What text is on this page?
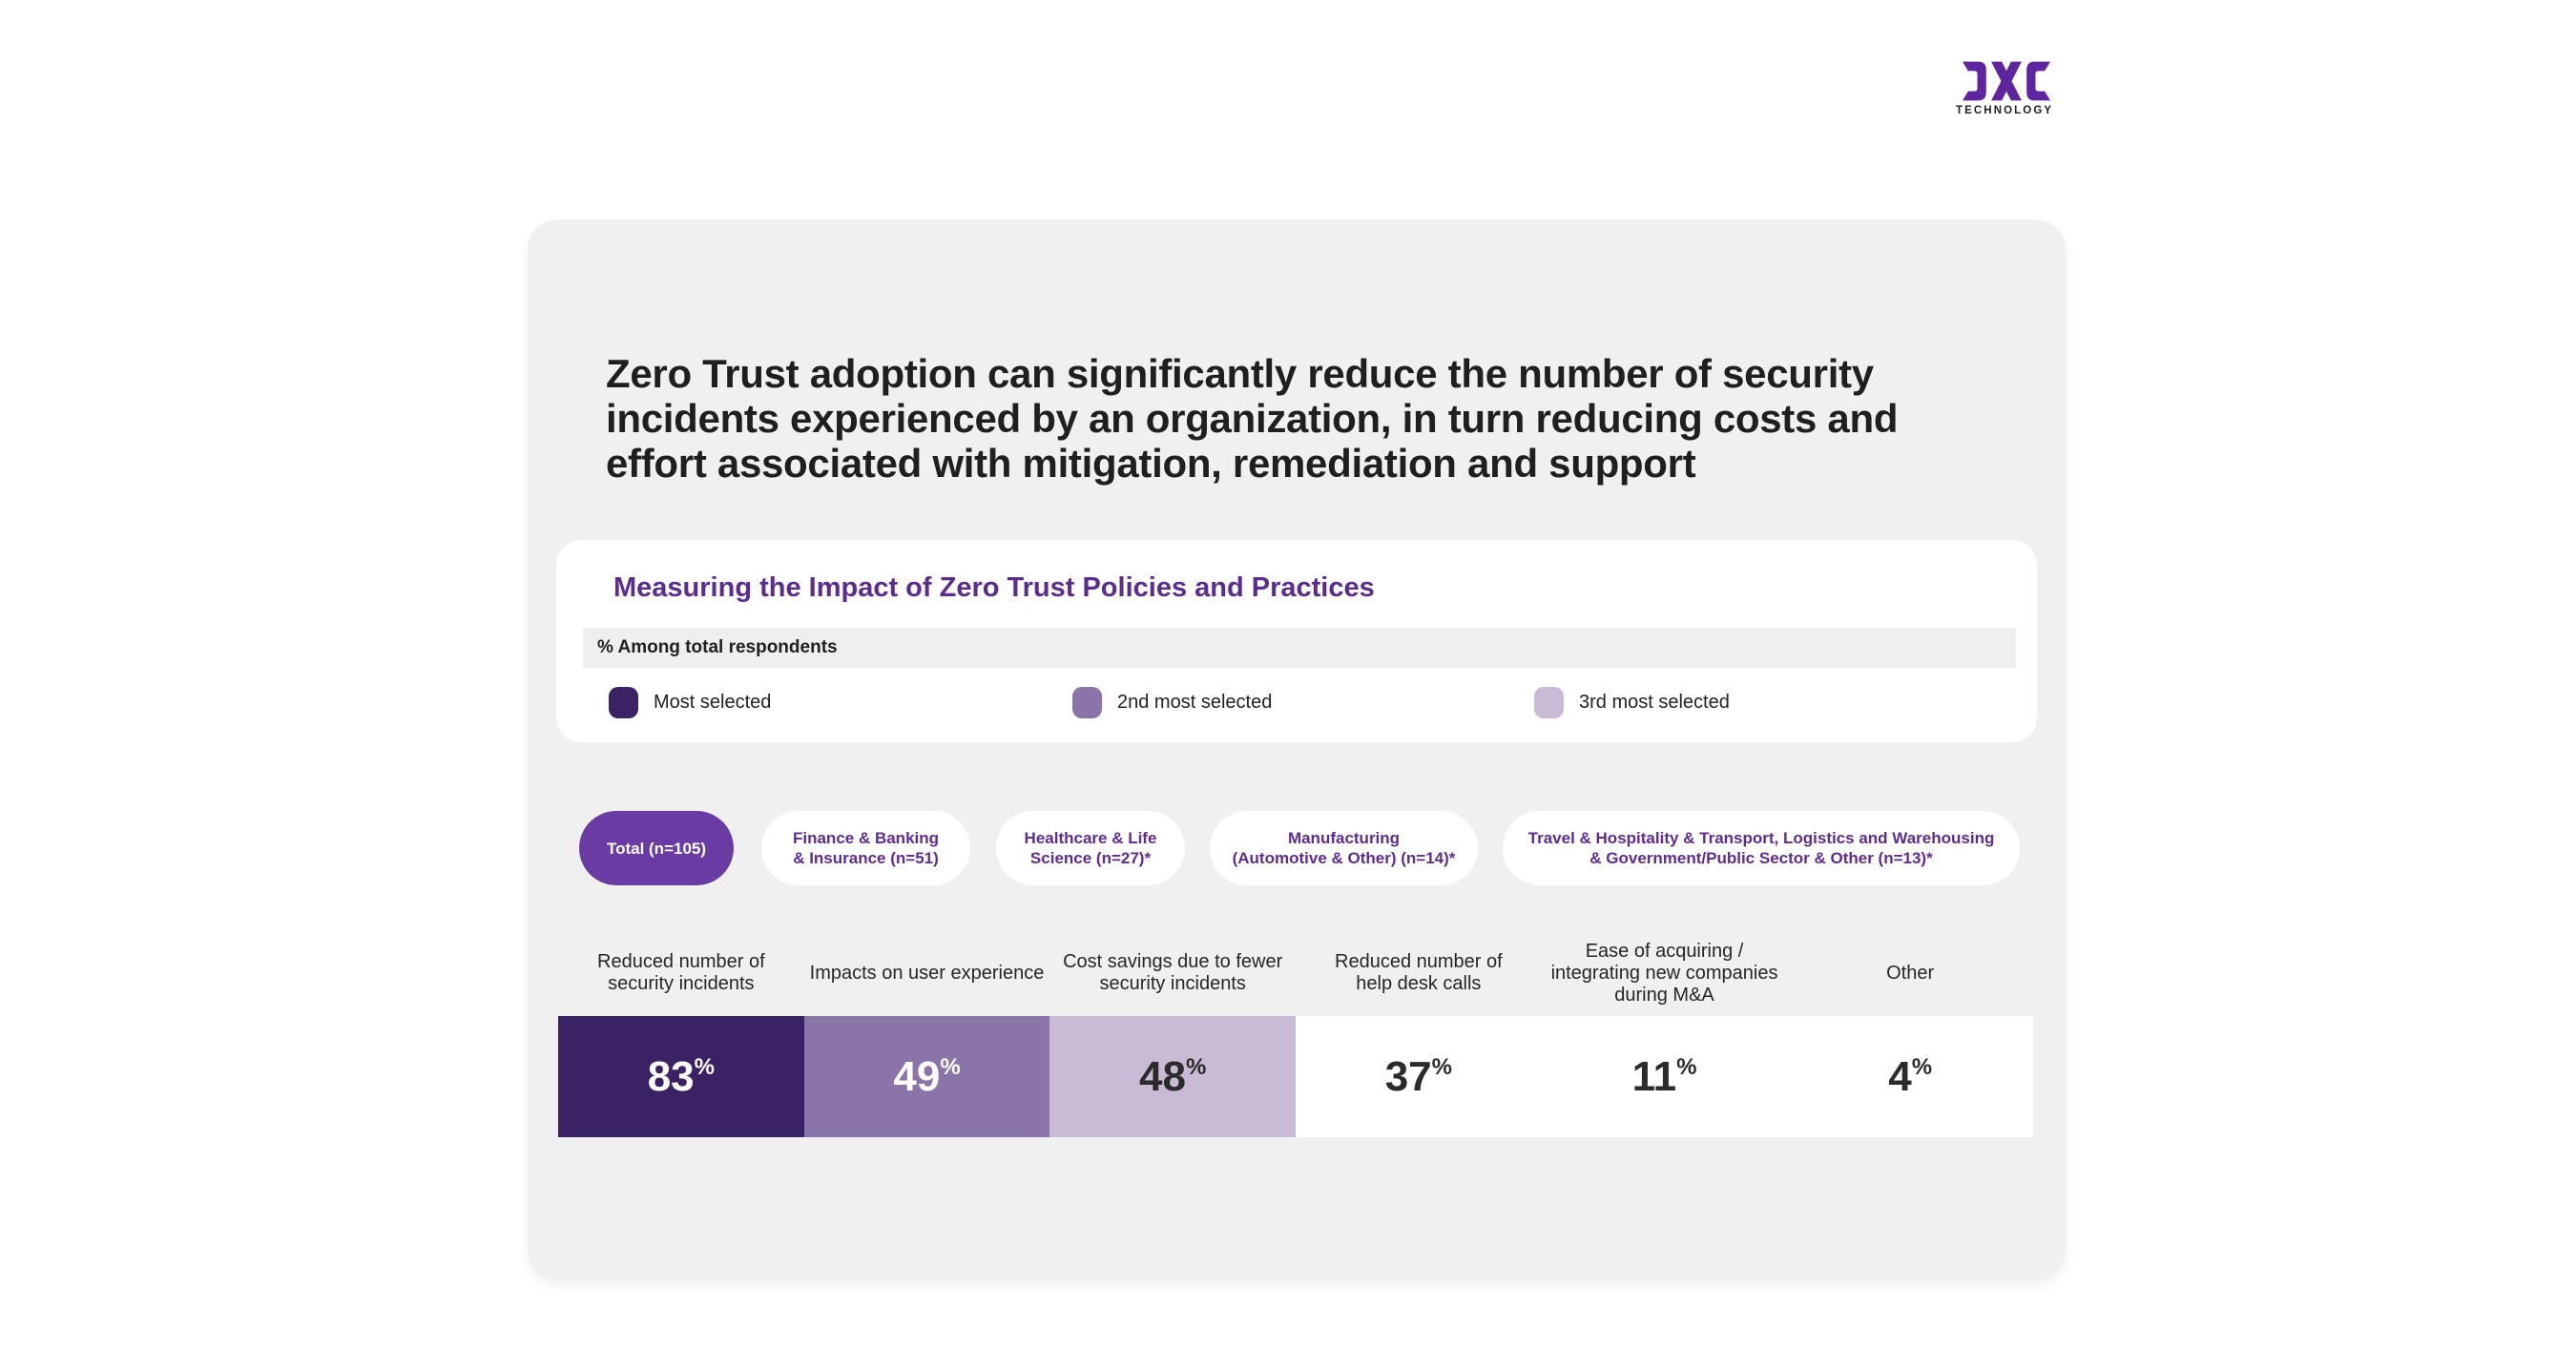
TECHNOLOGY
Zero Trust adoption can significantly reduce the number of security
incidents experienced by an organization, in turn reducing costs and
effort associated with mitigation, remediation and support
Measuring the Impact of Zero Trust Policies and Practices
% Among total respondents
Most selected	2nd most selected	3rd most selected
Total (n=105)
Finance & Banking
& Insurance (n=51)
Healthcare & Life
Science (n=27)*
Manufacturing
(Automotive & Other) (n=14)*
Travel & Hospitality & Transport, Logistics and Warehousing
& Government/Public Sector & Other (n=13)*
Reduced number of
security incidents
Impacts on user experience
Cost savings due to fewer
security incidents
Reduced number of
help desk calls
Ease of acquiring /
integrating new companies
during M&A
Other
83%	49%	48%	37%	11%	4%
